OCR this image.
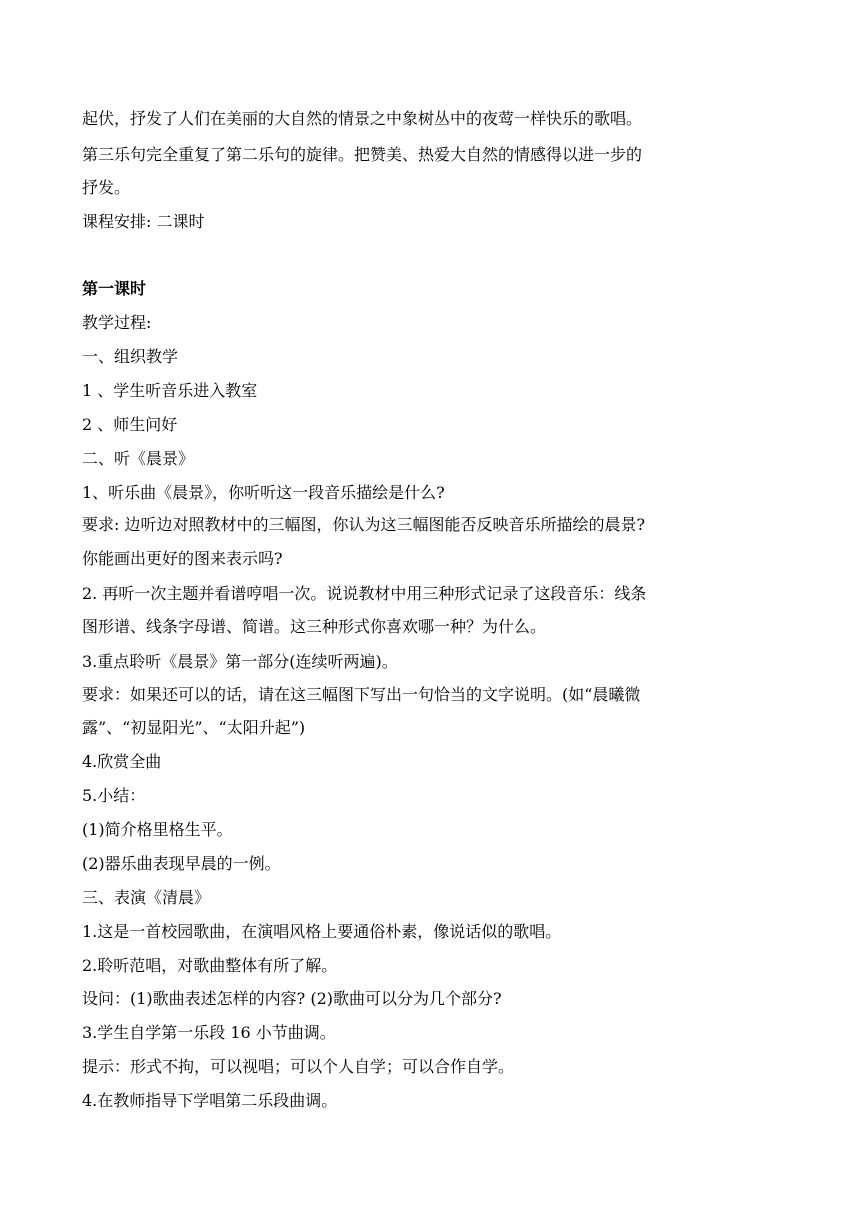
起伏，抒发了人们在美丽的大自然的情景之中象树丛中的夜莺一样快乐的歌唱。
第三乐句完全重复了第二乐句的旋律。把赞美、热爱大自然的情感得以进一步的
抒发。
课程安排: 二课时
第一课时
教学过程:
一、组织教学
1 、学生听音乐进入教室
2 、师生问好
二、听《晨景》
1、听乐曲《晨景》，你听听这一段音乐描绘是什么?
要求: 边听边对照教材中的三幅图，你认为这三幅图能否反映音乐所描绘的晨景?
你能画出更好的图来表示吗?
2. 再听一次主题并看谱哼唱一次。说说教材中用三种形式记录了这段音乐：线条
图形谱、线条字母谱、简谱。这三种形式你喜欢哪一种？为什么。
3.重点聆听《晨景》第一部分(连续听两遍)。
要求：如果还可以的话，请在这三幅图下写出一句恰当的文字说明。(如“晨曦微
露”、“初显阳光”、“太阳升起”)
4.欣赏全曲
5.小结：
(1)简介格里格生平。
(2)器乐曲表现早晨的一例。
三、表演《清晨》
1.这是一首校园歌曲，在演唱风格上要通俗朴素，像说话似的歌唱。
2.聆听范唱，对歌曲整体有所了解。
设问：(1)歌曲表述怎样的内容? (2)歌曲可以分为几个部分?
3.学生自学第一乐段 16 小节曲调。
提示：形式不拘，可以视唱；可以个人自学；可以合作自学。
4.在教师指导下学唱第二乐段曲调。
